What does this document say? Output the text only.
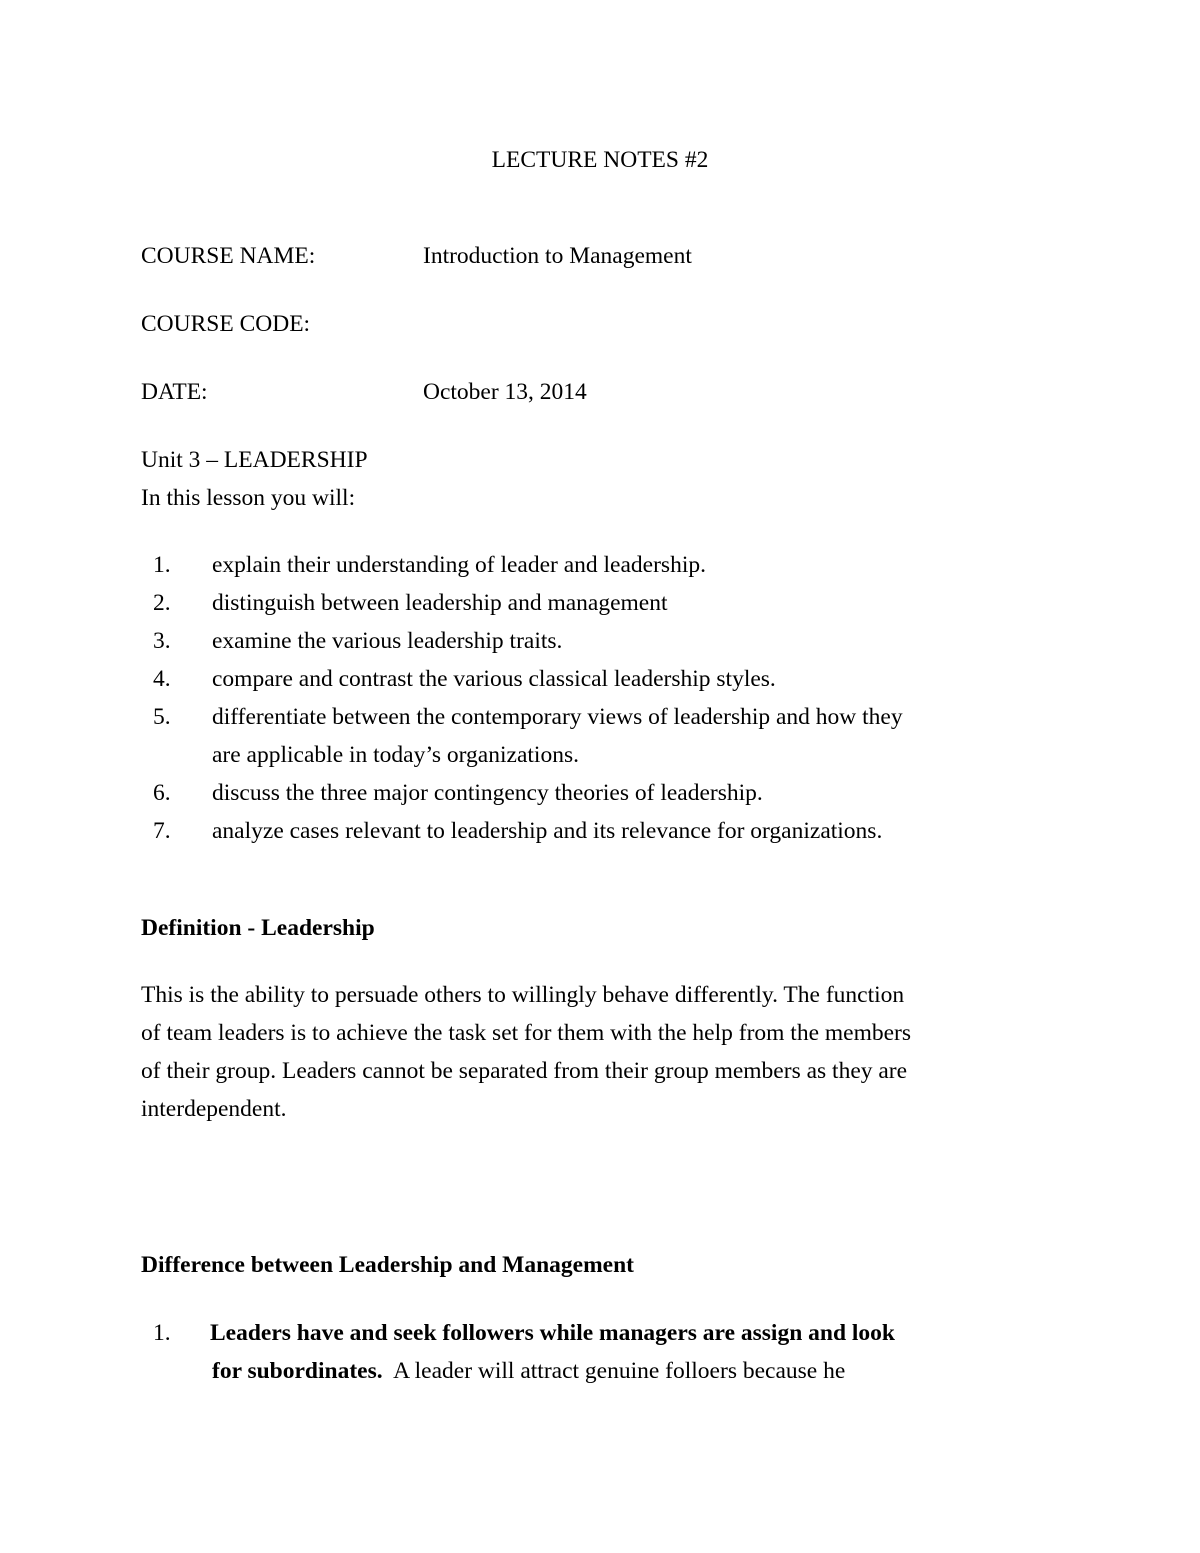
LECTURE NOTES #2
COURSE NAME:	Introduction to Management
COURSE CODE:
DATE:	October 13, 2014
Unit 3 – LEADERSHIP
In this lesson you will:
1. explain their understanding of leader and leadership.
2. distinguish between leadership and management
3. examine the various leadership traits.
4. compare and contrast the various classical leadership styles.
5. differentiate between the contemporary views of leadership and how they
are applicable in today’s organizations.
6. discuss the three major contingency theories of leadership.
7. analyze cases relevant to leadership and its relevance for organizations.
Definition - Leadership
This is the ability to persuade others to willingly behave differently. The function
of team leaders is to achieve the task set for them with the help from the members
of their group. Leaders cannot be separated from their group members as they are
interdependent.
Difference between Leadership and Management
1. Leaders have and seek followers while managers are assign and look
for subordinates.  A leader will attract genuine folloers because he
